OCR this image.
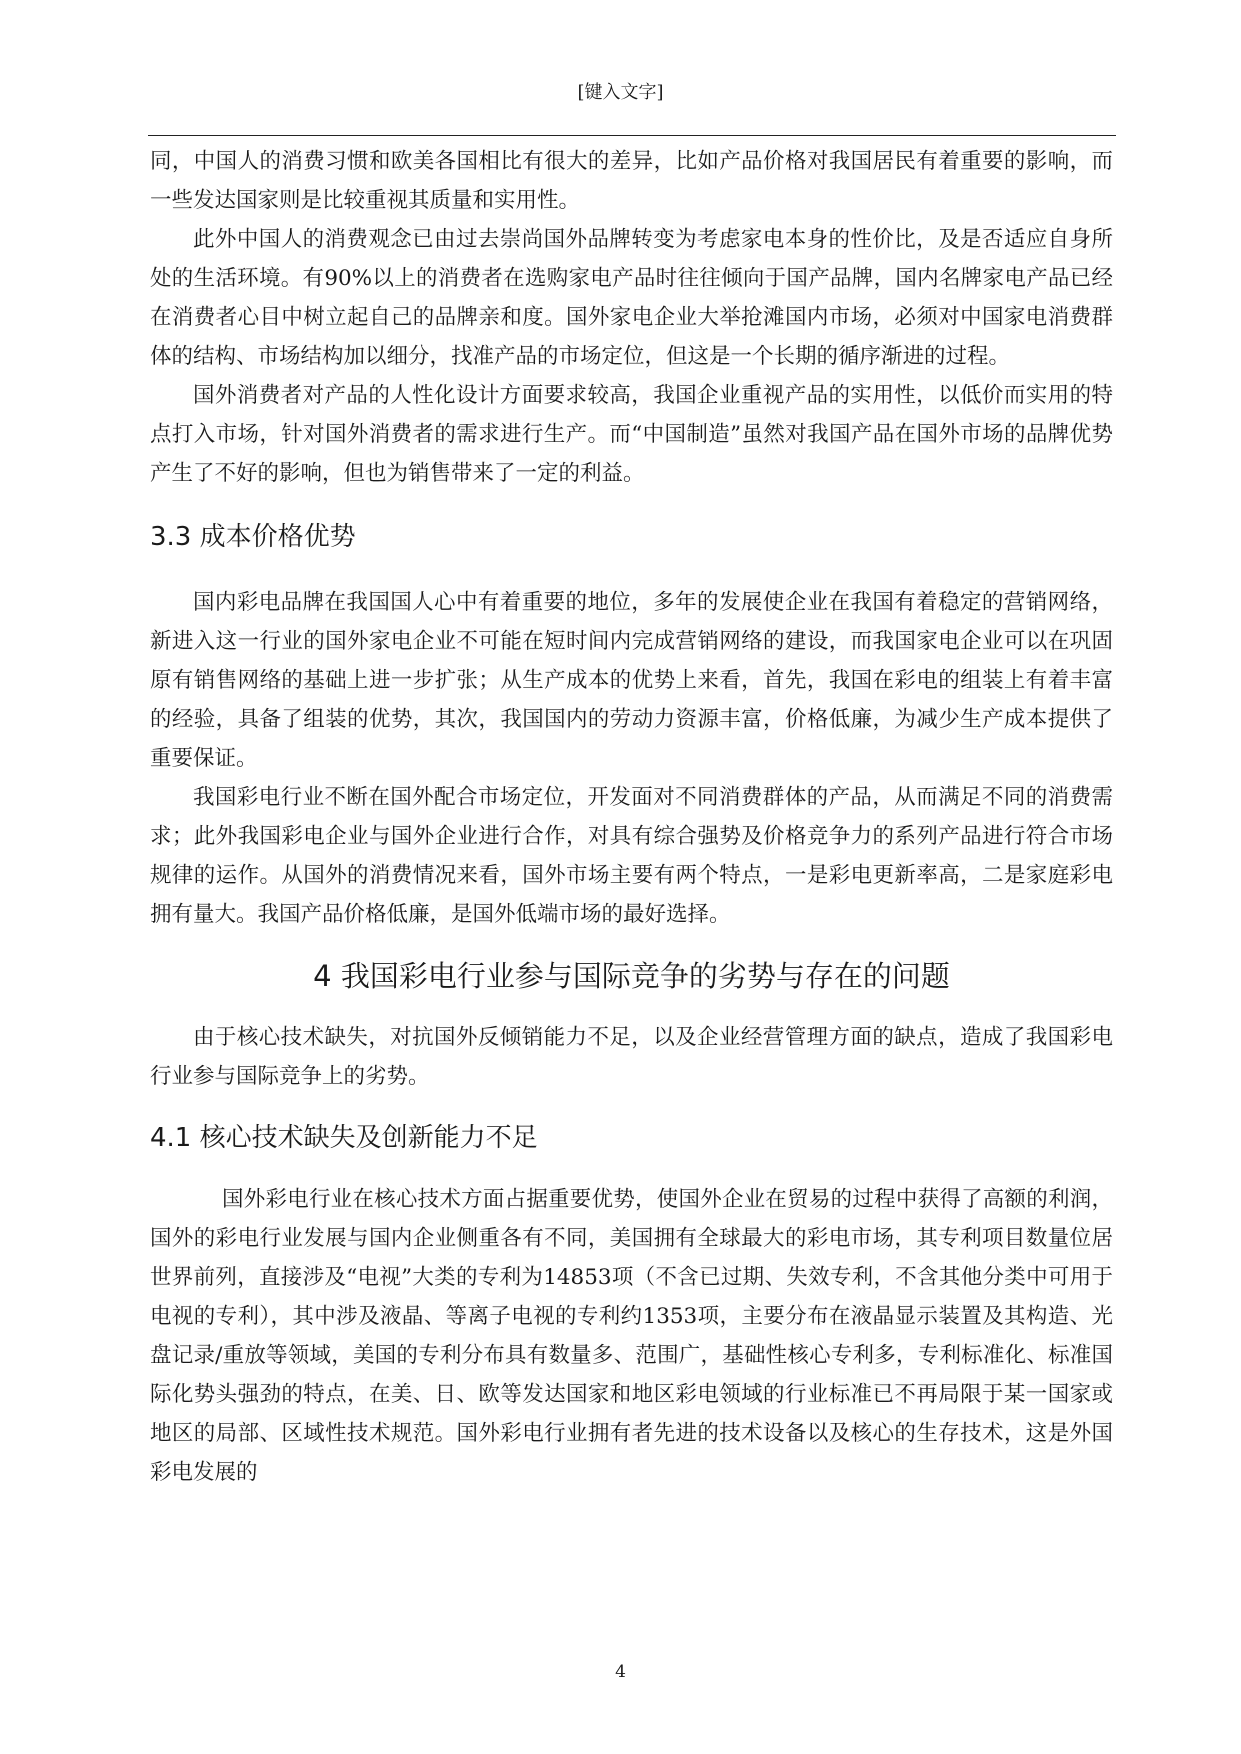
[键入文字]

同，中国人的消费习惯和欧美各国相比有很大的差异，比如产品价格对我国居民有着重要的影响，而一些发达国家则是比较重视其质量和实用性。

此外中国人的消费观念已由过去崇尚国外品牌转变为考虑家电本身的性价比，及是否适应自身所处的生活环境。有90%以上的消费者在选购家电产品时往往倾向于国产品牌，国内名牌家电产品已经在消费者心目中树立起自己的品牌亲和度。国外家电企业大举抢滩国内市场，必须对中国家电消费群体的结构、市场结构加以细分，找准产品的市场定位，但这是一个长期的循序渐进的过程。

国外消费者对产品的人性化设计方面要求较高，我国企业重视产品的实用性，以低价而实用的特点打入市场，针对国外消费者的需求进行生产。而“中国制造”虽然对我国产品在国外市场的品牌优势产生了不好的影响，但也为销售带来了一定的利益。

3.3 成本价格优势

国内彩电品牌在我国国人心中有着重要的地位，多年的发展使企业在我国有着稳定的营销网络，新进入这一行业的国外家电企业不可能在短时间内完成营销网络的建设，而我国家电企业可以在巩固原有销售网络的基础上进一步扩张；从生产成本的优势上来看，首先，我国在彩电的组装上有着丰富的经验，具备了组装的优势，其次，我国国内的劳动力资源丰富，价格低廉，为减少生产成本提供了重要保证。

我国彩电行业不断在国外配合市场定位，开发面对不同消费群体的产品，从而满足不同的消费需求；此外我国彩电企业与国外企业进行合作，对具有综合强势及价格竞争力的系列产品进行符合市场规律的运作。从国外的消费情况来看，国外市场主要有两个特点，一是彩电更新率高，二是家庭彩电拥有量大。我国产品价格低廉，是国外低端市场的最好选择。

4 我国彩电行业参与国际竞争的劣势与存在的问题

由于核心技术缺失，对抗国外反倾销能力不足，以及企业经营管理方面的缺点，造成了我国彩电行业参与国际竞争上的劣势。

4.1 核心技术缺失及创新能力不足

国外彩电行业在核心技术方面占据重要优势，使国外企业在贸易的过程中获得了高额的利润，国外的彩电行业发展与国内企业侧重各有不同，美国拥有全球最大的彩电市场，其专利项目数量位居世界前列，直接涉及“电视”大类的专利为14853项（不含已过期、失效专利，不含其他分类中可用于电视的专利），其中涉及液晶、等离子电视的专利约1353项，主要分布在液晶显示装置及其构造、光盘记录/重放等领域，美国的专利分布具有数量多、范围广，基础性核心专利多，专利标准化、标准国际化势头强劲的特点，在美、日、欧等发达国家和地区彩电领域的行业标准已不再局限于某一国家或地区的局部、区域性技术规范。国外彩电行业拥有者先进的技术设备以及核心的生存技术，这是外国彩电发展的

4
